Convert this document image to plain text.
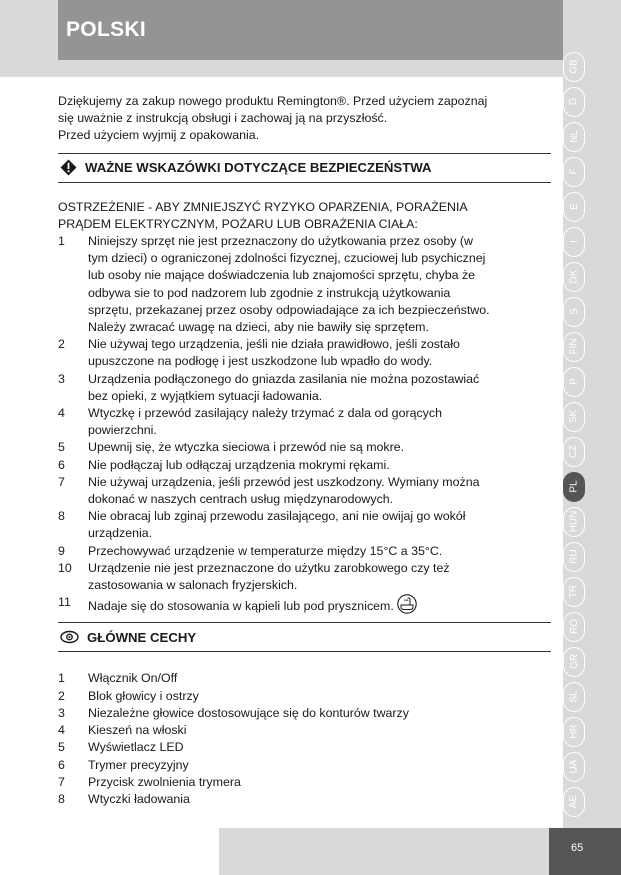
POLSKI
GB
D
NL
F
E
I
DK
S
FIN
P
SK
CZ
PL
HUN
RU
TR
RO
GR
SL
HR
UA
AE
65

Dziękujemy za zakup nowego produktu Remington®. Przed użyciem zapoznaj

się uważnie z instrukcją obsługi i zachowaj ją na przyszłość.

Przed użyciem wyjmij z opakowania.

WAŻNE WSKAZÓWKI DOTYCZĄCE BEZPIECZEŃSTWA

OSTRZEŻENIE - ABY ZMNIEJSZYĆ RYZYKO OPARZENIA, PORAŻENIA

PRĄDEM ELEKTRYCZNYM, POŻARU LUB OBRAŻENIA CIAŁA:

1	Niniejszy sprzęt nie jest przeznaczony do użytkowania przez osoby (w
tym dzieci) o ograniczonej zdolności fizycznej, czuciowej lub psychicznej
lub osoby nie mające doświadczenia lub znajomości sprzętu, chyba że
odbywa sie to pod nadzorem lub zgodnie z instrukcją użytkowania
sprzętu, przekazanej przez osoby odpowiadające za ich bezpieczeństwo.
Należy zwracać uwagę na dzieci, aby nie bawiły się sprzętem.
2	Nie używaj tego urządzenia, jeśli nie działa prawidłowo, jeśli zostało
upuszczone na podłogę i jest uszkodzone lub wpadło do wody.
3	Urządzenia podłączonego do gniazda zasilania nie można pozostawiać
bez opieki, z wyjątkiem sytuacji ładowania.
4	Wtyczkę i przewód zasilający należy trzymać z dala od gorących
powierzchni.
5	Upewnij się, że wtyczka sieciowa i przewód nie są mokre.
6	Nie podłączaj lub odłączaj urządzenia mokrymi rękami.
7	Nie używaj urządzenia, jeśli przewód jest uszkodzony. Wymiany można
dokonać w naszych centrach usług międzynarodowych.
8	Nie obracaj lub zginaj przewodu zasilającego, ani nie owijaj go wokół
urządzenia.
9	Przechowywać urządzenie w temperaturze między 15°C a 35°C.
10	Urządzenie nie jest przeznaczone do użytku zarobkowego czy też
zastosowania w salonach fryzjerskich.
11	Nadaje się do stosowania w kąpieli lub pod prysznicem.
GŁÓWNE CECHY
1	Włącznik On/Off
2	Blok głowicy i ostrzy
3	Niezależne głowice dostosowujące się do konturów twarzy
4	Kieszeń na włoski
5	Wyświetlacz LED
6	Trymer precyzyjny
7	Przycisk zwolnienia trymera
8	Wtyczki ładowania
